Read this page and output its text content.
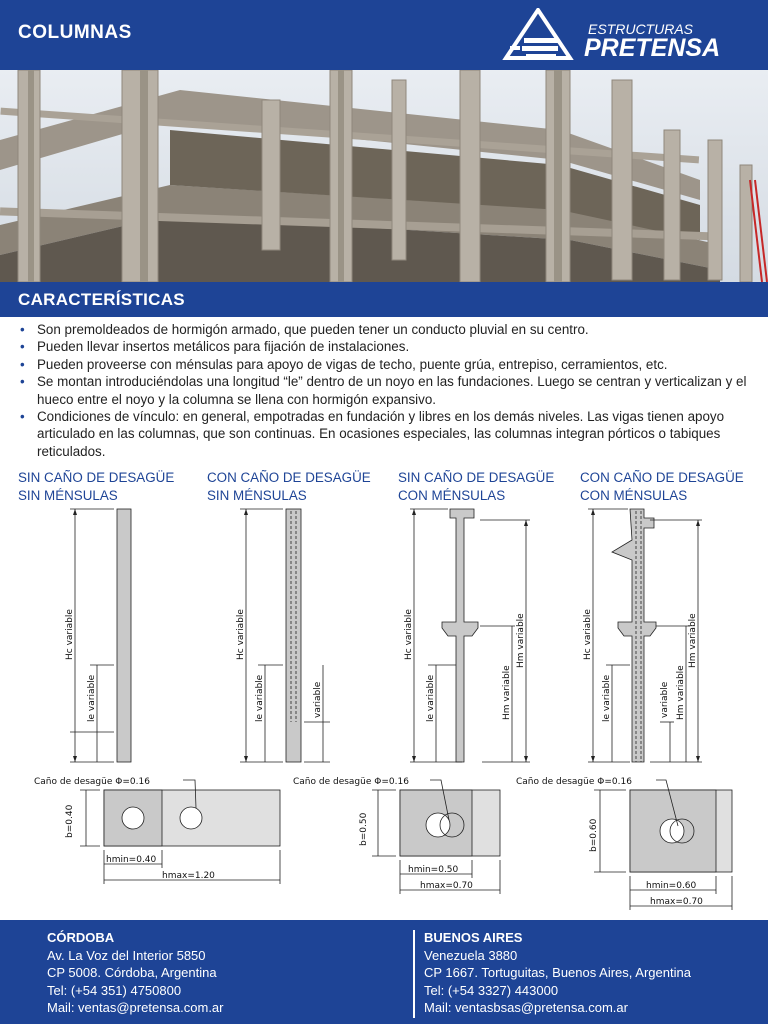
COLUMNAS	ESTRUCTURAS
PRETENSA
CARACTERÍSTICAS
• Son premoldeados de hormigón armado, que pueden tener un conducto pluvial en su centro.
• Pueden llevar insertos metálicos para fijación de instalaciones.
• Pueden proveerse con ménsulas para apoyo de vigas de techo, puente grúa, entrepiso, cerramientos, etc.
• Se montan introduciéndolas una longitud “le” dentro de un noyo en las fundaciones. Luego se centran y verticalizan y el hueco entre el noyo y la columna se llena con hormigón expansivo.
• Condiciones de vínculo: en general, empotradas en fundación y libres en los demás niveles. Las vigas tienen apoyo articulado en las columnas, que son continuas. En ocasiones especiales, las columnas integran pórticos o tabiques reticulados.
SIN CAÑO DE DESAGÜE
SIN MÉNSULAS
CON CAÑO DE DESAGÜE
SIN MÉNSULAS
SIN CAÑO DE DESAGÜE
CON MÉNSULAS
CON CAÑO DE DESAGÜE
CON MÉNSULAS
Hc variable
le variable
Hc variable
le variable	variable
Hc variable
le variable	Hm variable
Hm variable	Hc variable
le variable	variable Hm variable
Hm variable
Caño de desagüe Φ=0.16
b=0.40
hmin=0.40
hmax=1.20
Caño de desagüe Φ=0.16
b=0.50
hmin=0.50
hmax=0.70
Caño de desagüe Φ=0.16
b=0.60
hmin=0.60
hmax=0.70
CÓRDOBA
Av. La Voz del Interior 5850
CP 5008. Córdoba, Argentina
Tel: (+54 351) 4750800
Mail: ventas@pretensa.com.ar
BUENOS AIRES
Venezuela 3880
CP 1667. Tortuguitas, Buenos Aires, Argentina
Tel: (+54 3327) 443000
Mail: ventasbsas@pretensa.com.ar
